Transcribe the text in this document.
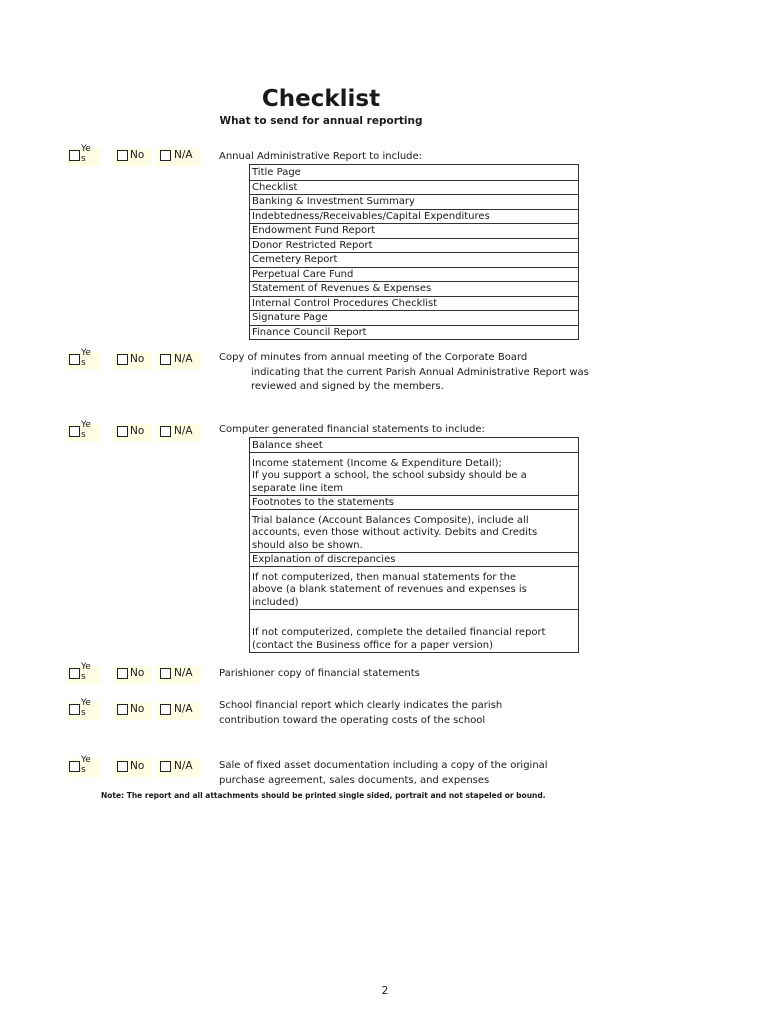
Checklist
What to send for annual reporting
Yes	No	N/A	Annual Administrative Report to include:
Title Page
Checklist
Banking & Investment Summary
Indebtedness/Receivables/Capital Expenditures
Endowment Fund Report
Donor Restricted Report
Cemetery Report
Perpetual Care Fund
Statement of Revenues & Expenses
Internal Control Procedures Checklist
Signature Page
Finance Council Report
Yes	No	N/A	Copy of minutes from annual meeting of the Corporate Board
indicating that the current Parish Annual Administrative Report was
reviewed and signed by the members.
Yes	No	N/A	Computer generated financial statements to include:
Balance sheet
Income statement (Income & Expenditure Detail);
If you support a school, the school subsidy should be a
separate line item
Footnotes to the statements
Trial balance (Account Balances Composite), include all
accounts, even those without activity. Debits and Credits
should also be shown.
Explanation of discrepancies
If not computerized, then manual statements for the
above (a blank statement of revenues and expenses is
included)
If not computerized, complete the detailed financial report
(contact the Business office for a paper version)
Yes	No	N/A	Parishioner copy of financial statements
Yes	No	N/A	School financial report which clearly indicates the parish
contribution toward the operating costs of the school
Yes	No	N/A	Sale of fixed asset documentation including a copy of the original
purchase agreement, sales documents, and expenses
Note: The report and all attachments should be printed single sided, portrait and not stapeled or bound.
2
